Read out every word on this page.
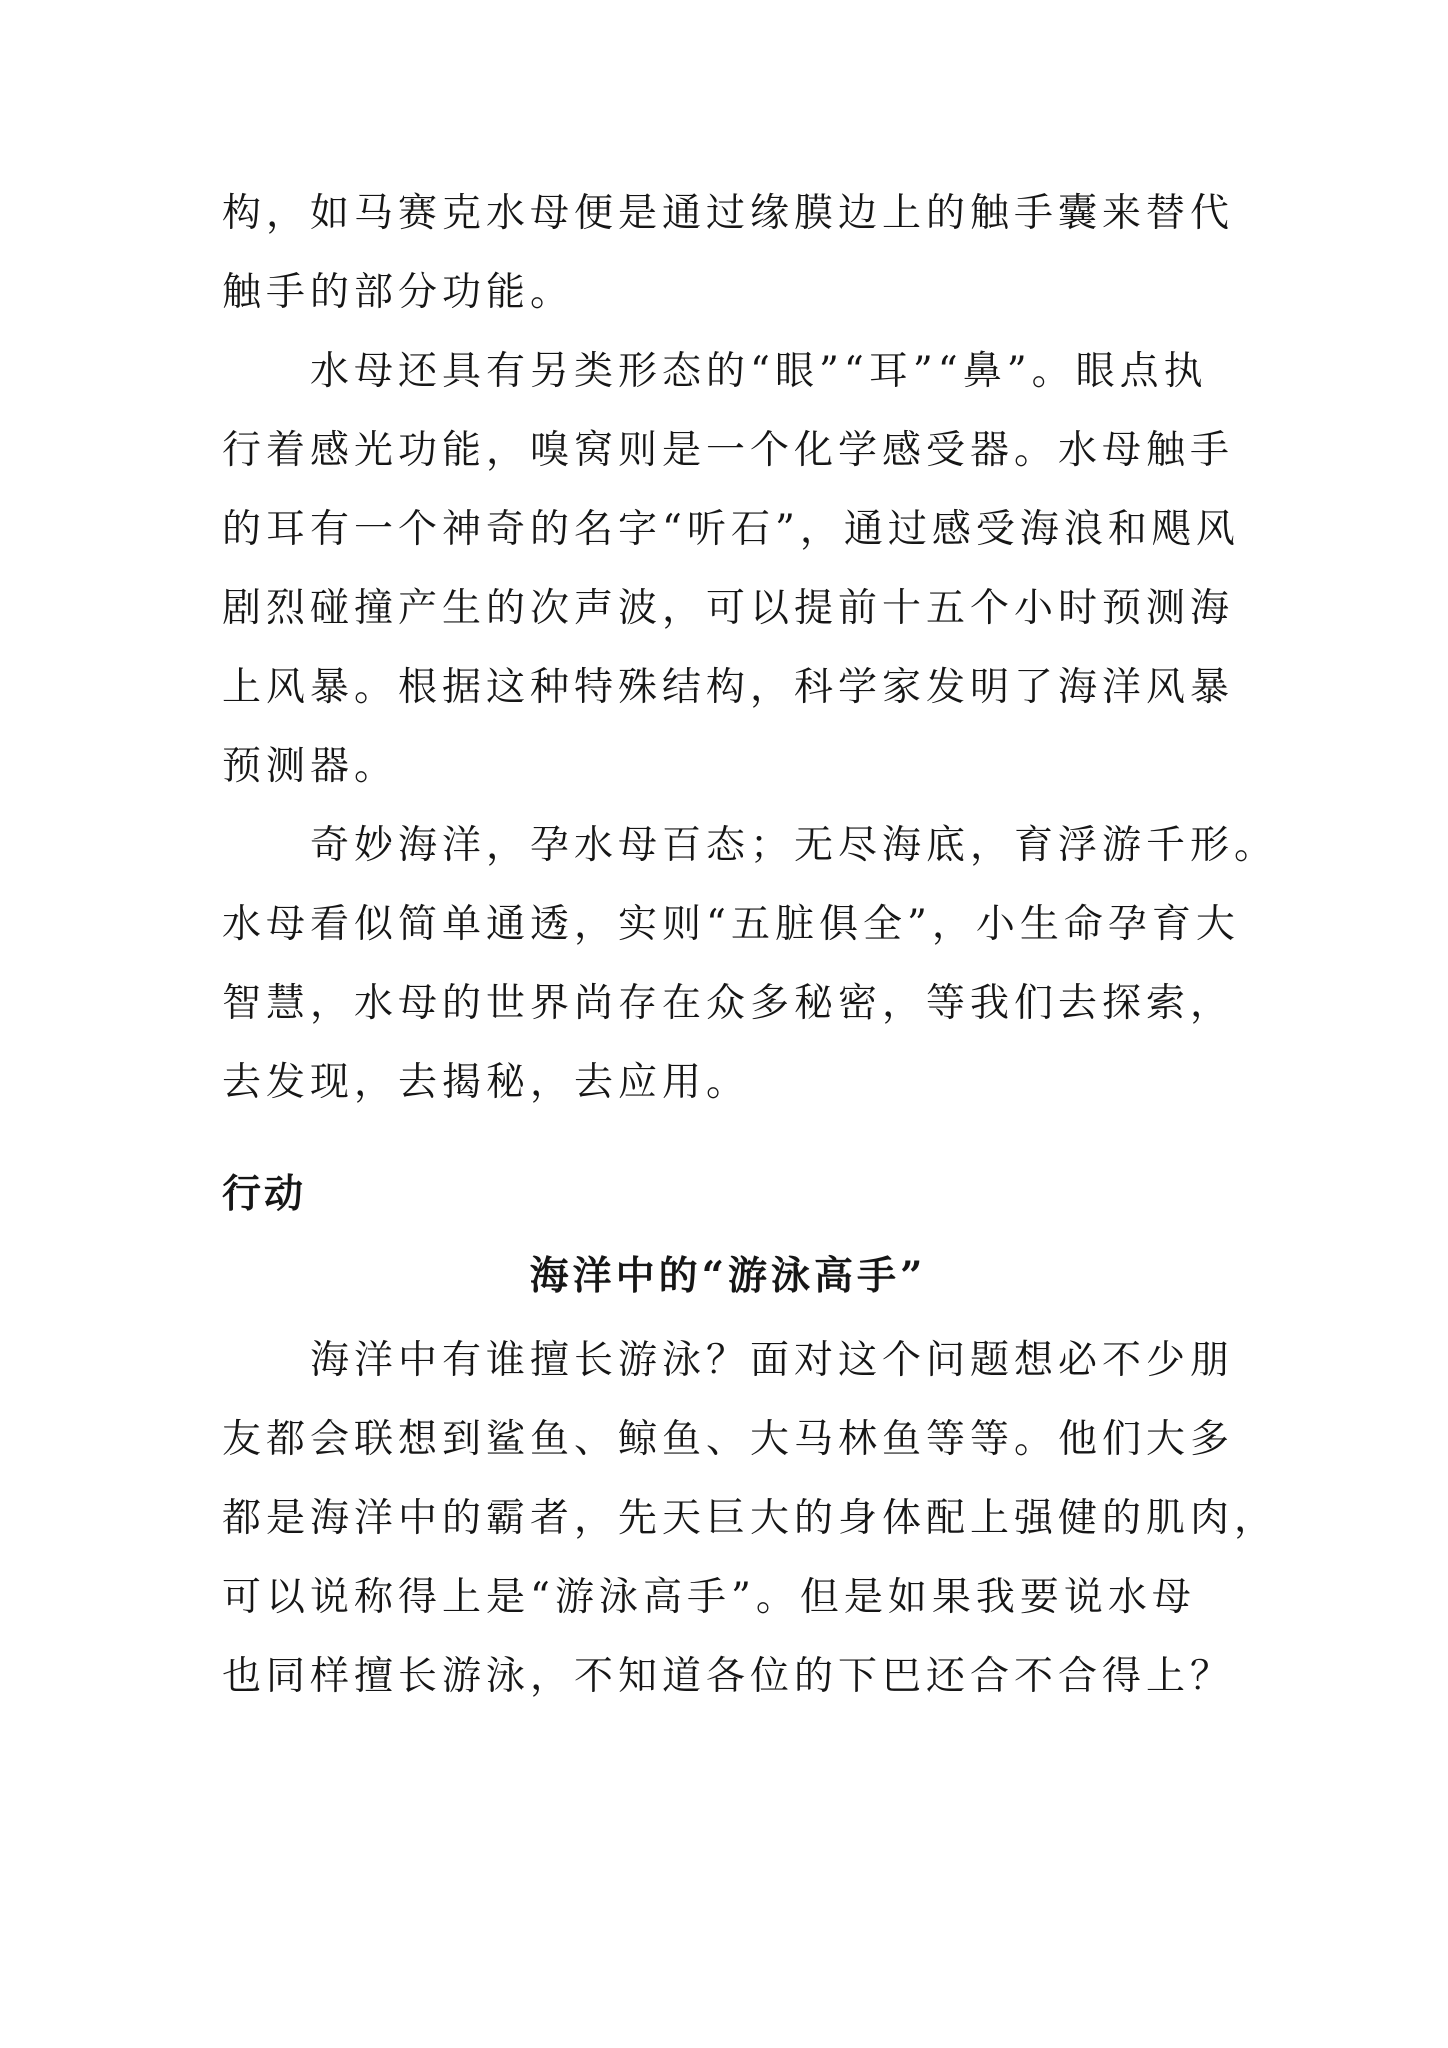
构，如马赛克水母便是通过缘膜边上的触手囊来替代
触手的部分功能。
水母还具有另类形态的“眼”“耳”“鼻”。眼点执
行着感光功能，嗅窝则是一个化学感受器。水母触手
的耳有一个神奇的名字“听石”，通过感受海浪和飓风
剧烈碰撞产生的次声波，可以提前十五个小时预测海
上风暴。根据这种特殊结构，科学家发明了海洋风暴
预测器。
奇妙海洋，孕水母百态；无尽海底，育浮游千形。
水母看似简单通透，实则“五脏俱全”，小生命孕育大
智慧，水母的世界尚存在众多秘密，等我们去探索，
去发现，去揭秘，去应用。
行动
海洋中的“游泳高手”
海洋中有谁擅长游泳？面对这个问题想必不少朋
友都会联想到鲨鱼、鲸鱼、大马林鱼等等。他们大多
都是海洋中的霸者，先天巨大的身体配上强健的肌肉，
可以说称得上是“游泳高手”。但是如果我要说水母
也同样擅长游泳，不知道各位的下巴还合不合得上？
